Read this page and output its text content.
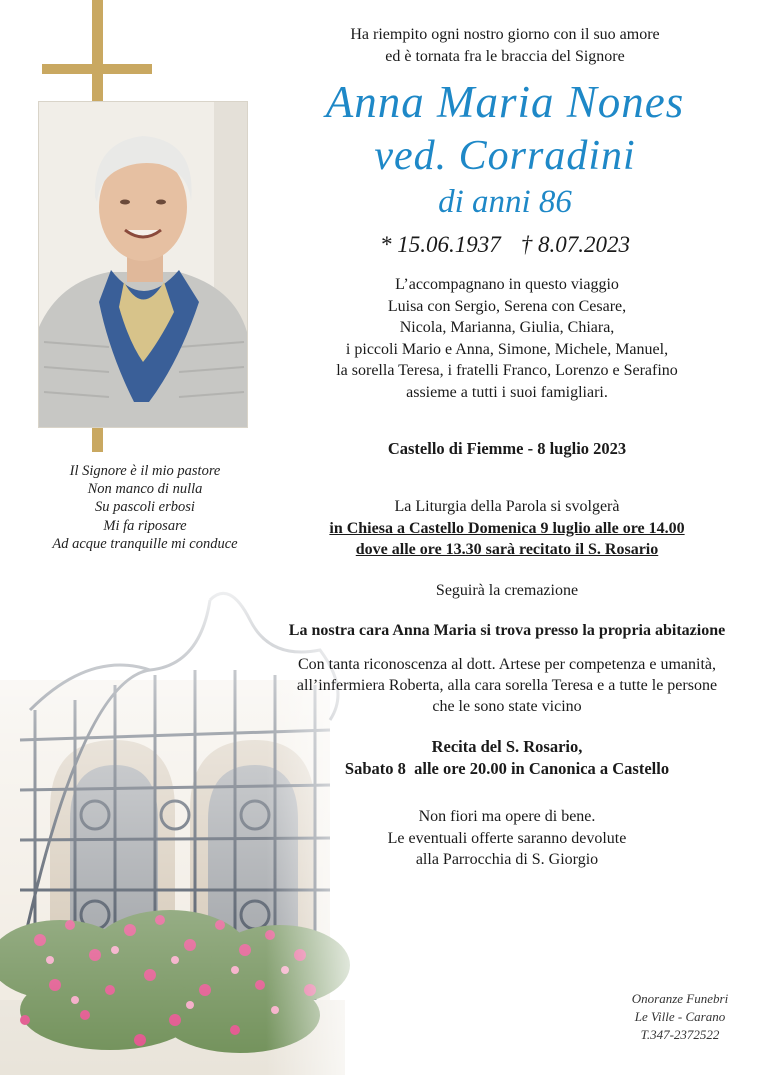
Il Signore è il mio pastore
Non manco di nulla
Su pascoli erbosi
Mi fa riposare
Ad acque tranquille mi conduce
Ha riempito ogni nostro giorno con il suo amore
ed è tornata fra le braccia del Signore
Anna Maria Nones
ved. Corradini
di anni 86
* 15.06.1937 † 8.07.2023
L’accompagnano in questo viaggio
Luisa con Sergio, Serena con Cesare,
Nicola, Marianna, Giulia, Chiara,
i piccoli Mario e Anna, Simone, Michele, Manuel,
la sorella Teresa, i fratelli Franco, Lorenzo e Serafino
assieme a tutti i suoi famigliari.
Castello di Fiemme - 8 luglio 2023
La Liturgia della Parola si svolgerà
in Chiesa a Castello Domenica 9 luglio alle ore 14.00
dove alle ore 13.30 sarà recitato il S. Rosario
Seguirà la cremazione
La nostra cara Anna Maria si trova presso la propria abitazione
Con tanta riconoscenza al dott. Artese per competenza e umanità,
all’infermiera Roberta, alla cara sorella Teresa e a tutte le persone
che le sono state vicino
Recita del S. Rosario,
Sabato 8  alle ore 20.00 in Canonica a Castello
Non fiori ma opere di bene.
Le eventuali offerte saranno devolute
alla Parrocchia di S. Giorgio
Onoranze Funebri
Le Ville - Carano
T.347-2372522
